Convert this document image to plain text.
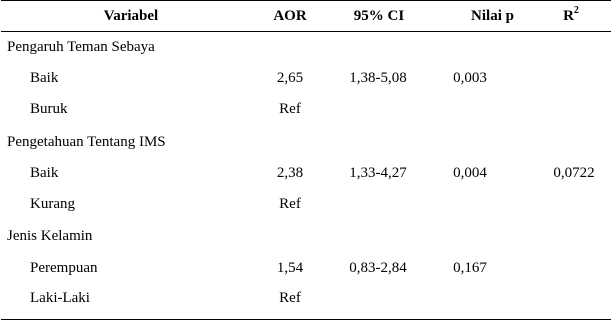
Variabel	AOR	95% CI	Nilai p	$R^2$
Pengaruh Teman Sebaya
Baik	2,65	1,38-5,08	0,003
Buruk	Ref
Pengetahuan Tentang IMS
Baik	2,38	1,33-4,27	0,004	0,0722
Kurang	Ref
Jenis Kelamin
Perempuan	1,54	0,83-2,84	0,167
Laki-Laki	Ref
